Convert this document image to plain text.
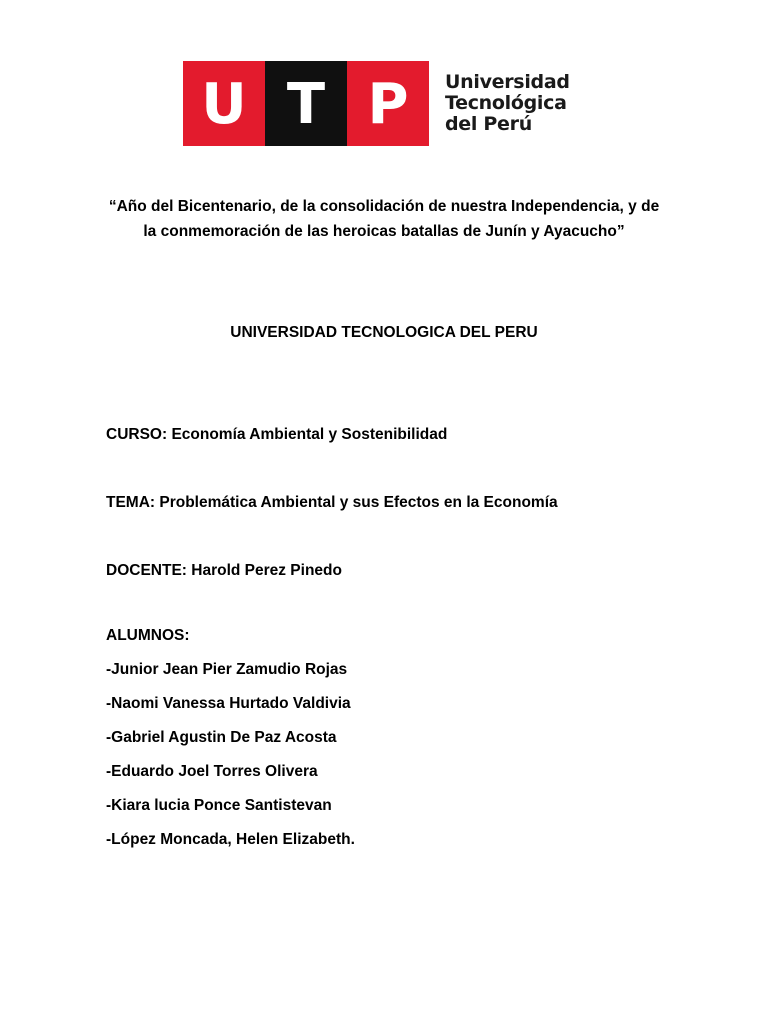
U T P Universidad
Tecnológica
del Perú
“Año del Bicentenario, de la consolidación de nuestra Independencia, y de
la conmemoración de las heroicas batallas de Junín y Ayacucho”
UNIVERSIDAD TECNOLOGICA DEL PERU
CURSO: Economía Ambiental y Sostenibilidad
TEMA: Problemática Ambiental y sus Efectos en la Economía
DOCENTE: Harold Perez Pinedo
ALUMNOS:
-Junior Jean Pier Zamudio Rojas
-Naomi Vanessa Hurtado Valdivia
-Gabriel Agustin De Paz Acosta
-Eduardo Joel Torres Olivera
-Kiara lucia Ponce Santistevan
-López Moncada, Helen Elizabeth.
